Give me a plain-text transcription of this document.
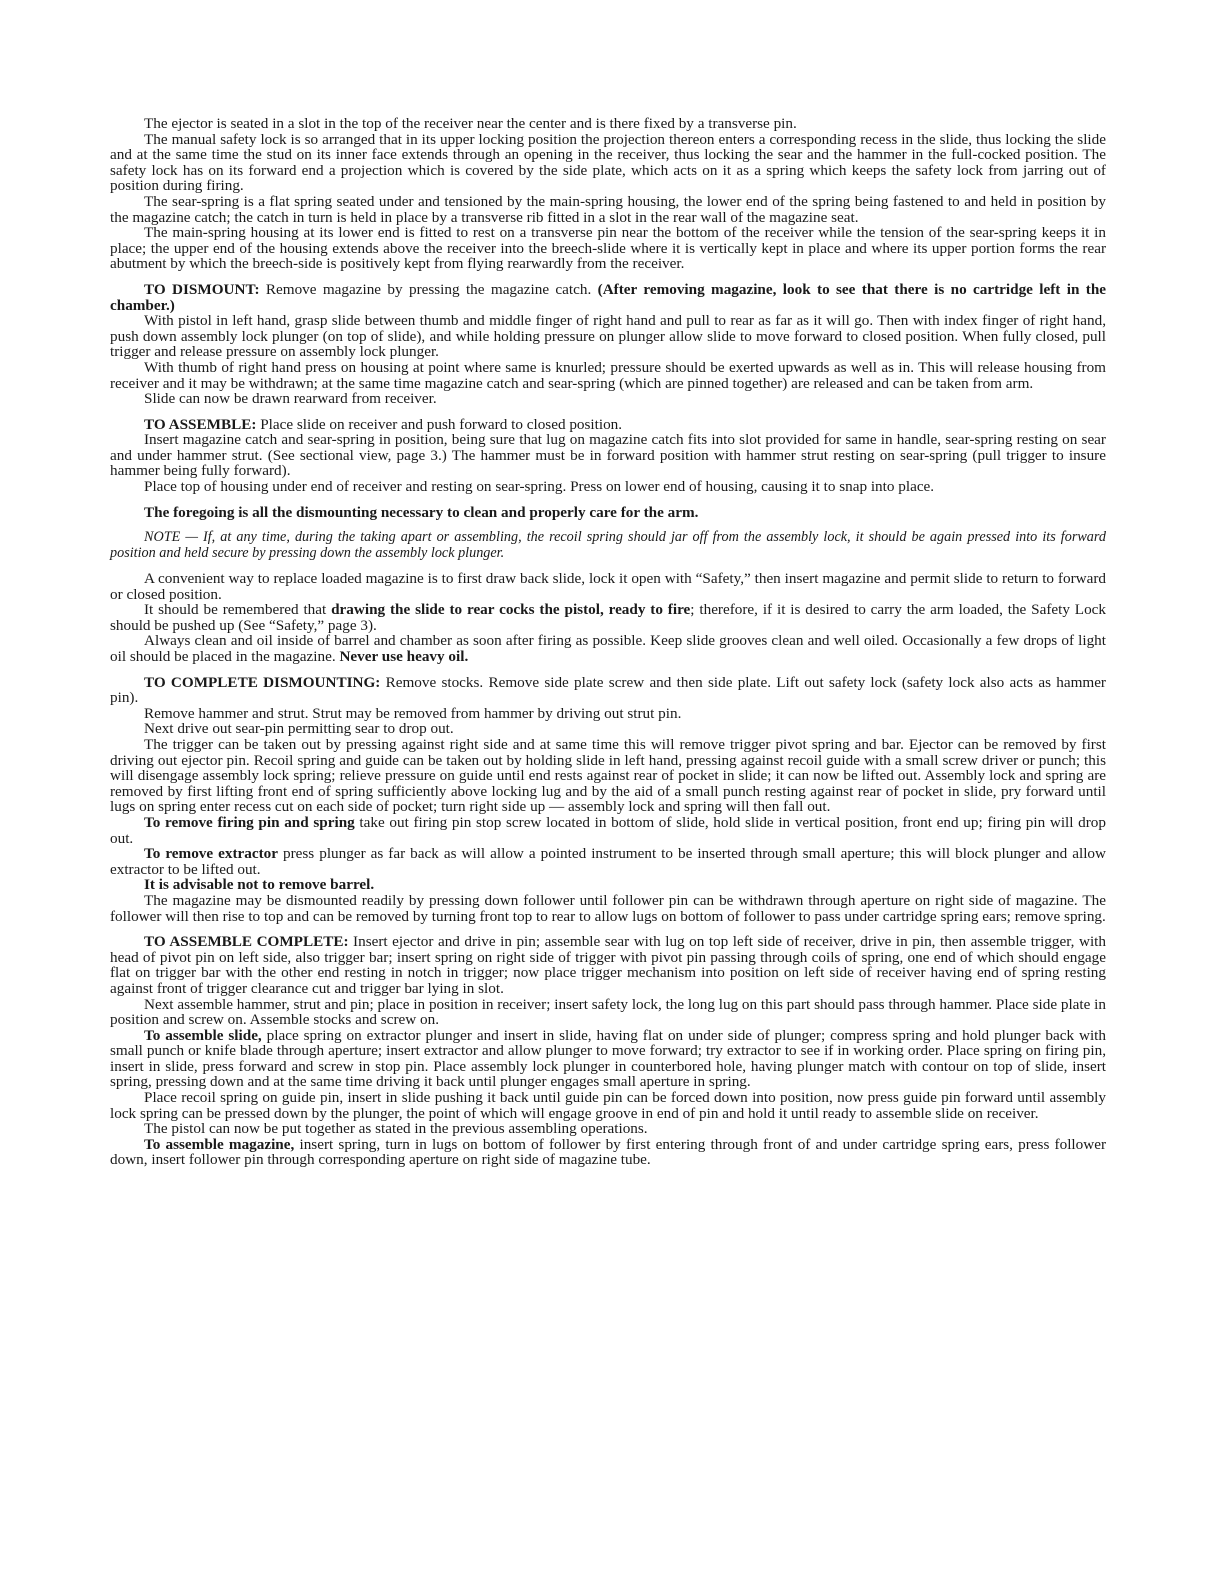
The ejector is seated in a slot in the top of the receiver near the center and is there fixed by a transverse pin.

The manual safety lock is so arranged that in its upper locking position the projection thereon enters a corresponding recess in the slide, thus locking the slide and at the same time the stud on its inner face extends through an opening in the receiver, thus locking the sear and the hammer in the full-cocked position. The safety lock has on its forward end a projection which is covered by the side plate, which acts on it as a spring which keeps the safety lock from jarring out of position during firing.

The sear-spring is a flat spring seated under and tensioned by the main-spring housing, the lower end of the spring being fastened to and held in position by the magazine catch; the catch in turn is held in place by a transverse rib fitted in a slot in the rear wall of the magazine seat.

The main-spring housing at its lower end is fitted to rest on a transverse pin near the bottom of the receiver while the tension of the sear-spring keeps it in place; the upper end of the housing extends above the receiver into the breech-slide where it is vertically kept in place and where its upper portion forms the rear abutment by which the breech-side is positively kept from flying rearwardly from the receiver.

TO DISMOUNT: Remove magazine by pressing the magazine catch. (After removing magazine, look to see that there is no cartridge left in the chamber.)

With pistol in left hand, grasp slide between thumb and middle finger of right hand and pull to rear as far as it will go. Then with index finger of right hand, push down assembly lock plunger (on top of slide), and while holding pressure on plunger allow slide to move forward to closed position. When fully closed, pull trigger and release pressure on assembly lock plunger.

With thumb of right hand press on housing at point where same is knurled; pressure should be exerted upwards as well as in. This will release housing from receiver and it may be withdrawn; at the same time magazine catch and sear-spring (which are pinned together) are released and can be taken from arm.

Slide can now be drawn rearward from receiver.

TO ASSEMBLE: Place slide on receiver and push forward to closed position.

Insert magazine catch and sear-spring in position, being sure that lug on magazine catch fits into slot provided for same in handle, sear-spring resting on sear and under hammer strut. (See sectional view, page 3.) The hammer must be in forward position with hammer strut resting on sear-spring (pull trigger to insure hammer being fully forward).

Place top of housing under end of receiver and resting on sear-spring. Press on lower end of housing, causing it to snap into place.

The foregoing is all the dismounting necessary to clean and properly care for the arm.

NOTE — If, at any time, during the taking apart or assembling, the recoil spring should jar off from the assembly lock, it should be again pressed into its forward position and held secure by pressing down the assembly lock plunger.

A convenient way to replace loaded magazine is to first draw back slide, lock it open with “Safety,” then insert magazine and permit slide to return to forward or closed position.

It should be remembered that drawing the slide to rear cocks the pistol, ready to fire; therefore, if it is desired to carry the arm loaded, the Safety Lock should be pushed up (See “Safety,” page 3).

Always clean and oil inside of barrel and chamber as soon after firing as possible. Keep slide grooves clean and well oiled. Occasionally a few drops of light oil should be placed in the magazine. Never use heavy oil.

TO COMPLETE DISMOUNTING: Remove stocks. Remove side plate screw and then side plate. Lift out safety lock (safety lock also acts as hammer pin).

Remove hammer and strut. Strut may be removed from hammer by driving out strut pin.

Next drive out sear-pin permitting sear to drop out.

The trigger can be taken out by pressing against right side and at same time this will remove trigger pivot spring and bar. Ejector can be removed by first driving out ejector pin. Recoil spring and guide can be taken out by holding slide in left hand, pressing against recoil guide with a small screw driver or punch; this will disengage assembly lock spring; relieve pressure on guide until end rests against rear of pocket in slide; it can now be lifted out. Assembly lock and spring are removed by first lifting front end of spring sufficiently above locking lug and by the aid of a small punch resting against rear of pocket in slide, pry forward until lugs on spring enter recess cut on each side of pocket; turn right side up — assembly lock and spring will then fall out.

To remove firing pin and spring take out firing pin stop screw located in bottom of slide, hold slide in vertical position, front end up; firing pin will drop out.

To remove extractor press plunger as far back as will allow a pointed instrument to be inserted through small aperture; this will block plunger and allow extractor to be lifted out.

It is advisable not to remove barrel.

The magazine may be dismounted readily by pressing down follower until follower pin can be withdrawn through aperture on right side of magazine. The follower will then rise to top and can be removed by turning front top to rear to allow lugs on bottom of follower to pass under cartridge spring ears; remove spring.

TO ASSEMBLE COMPLETE: Insert ejector and drive in pin; assemble sear with lug on top left side of receiver, drive in pin, then assemble trigger, with head of pivot pin on left side, also trigger bar; insert spring on right side of trigger with pivot pin passing through coils of spring, one end of which should engage flat on trigger bar with the other end resting in notch in trigger; now place trigger mechanism into position on left side of receiver having end of spring resting against front of trigger clearance cut and trigger bar lying in slot.

Next assemble hammer, strut and pin; place in position in receiver; insert safety lock, the long lug on this part should pass through hammer. Place side plate in position and screw on. Assemble stocks and screw on.

To assemble slide, place spring on extractor plunger and insert in slide, having flat on under side of plunger; compress spring and hold plunger back with small punch or knife blade through aperture; insert extractor and allow plunger to move forward; try extractor to see if in working order. Place spring on firing pin, insert in slide, press forward and screw in stop pin. Place assembly lock plunger in counterbored hole, having plunger match with contour on top of slide, insert spring, pressing down and at the same time driving it back until plunger engages small aperture in spring.

Place recoil spring on guide pin, insert in slide pushing it back until guide pin can be forced down into position, now press guide pin forward until assembly lock spring can be pressed down by the plunger, the point of which will engage groove in end of pin and hold it until ready to assemble slide on receiver.

The pistol can now be put together as stated in the previous assembling operations.

To assemble magazine, insert spring, turn in lugs on bottom of follower by first entering through front of and under cartridge spring ears, press follower down, insert follower pin through corresponding aperture on right side of magazine tube.
